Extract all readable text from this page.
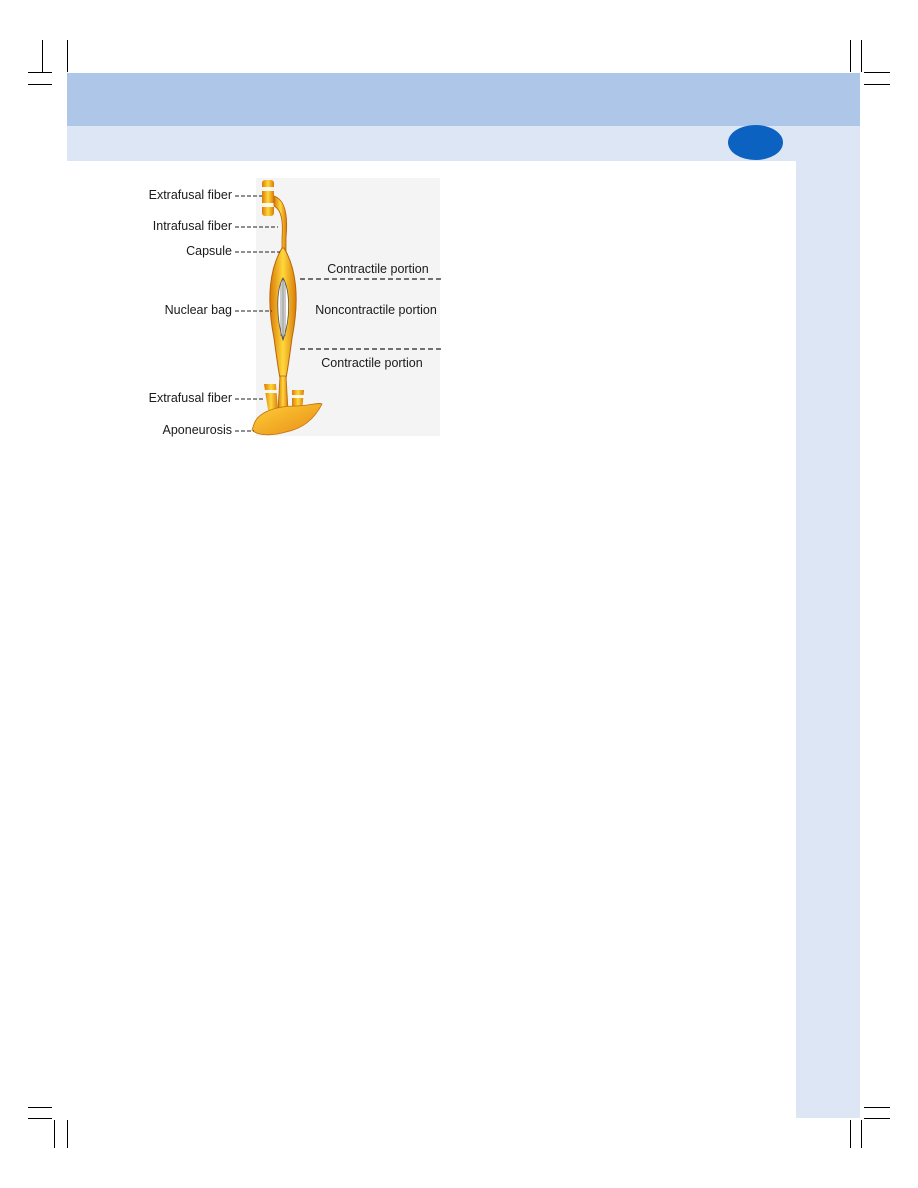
Extrafusal fiber
Intrafusal fiber
Capsule
Nuclear bag
Extrafusal fiber
Aponeurosis
Contractile portion
Noncontractile portion
Contractile portion
